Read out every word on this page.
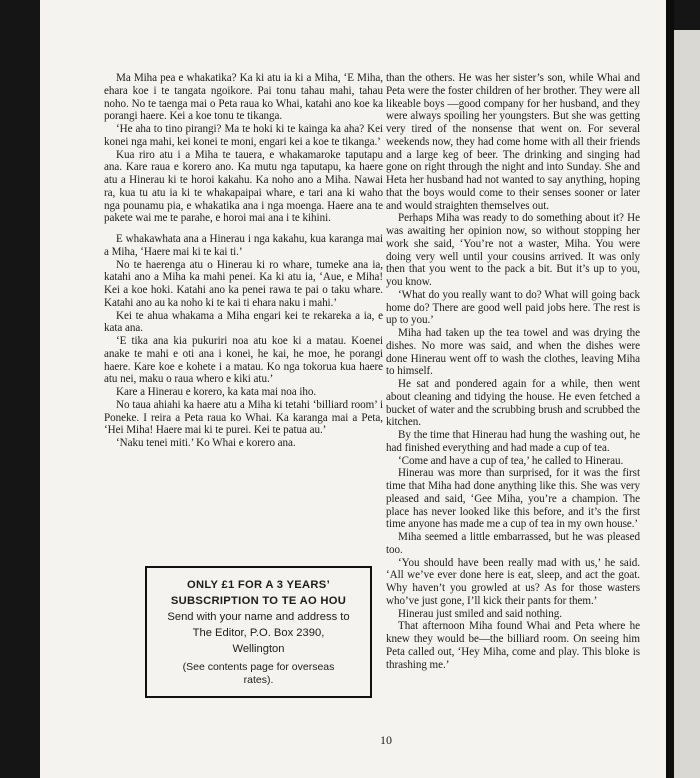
Ma Miha pea e whakatika? Ka ki atu ia ki a Miha, ‘E Miha, ehara koe i te tangata ngoikore. Pai tonu tahau mahi, tahau noho. No te taenga mai o Peta raua ko Whai, katahi ano koe ka porangi haere. Kei a koe tonu te tikanga.

‘He aha to tino pirangi? Ma te hoki ki te kainga ka aha? Kei konei nga mahi, kei konei te moni, engari kei a koe te tikanga.’

Kua riro atu i a Miha te tauera, e whakamaroke taputapu ana. Kare raua e korero ano. Ka mutu nga taputapu, ka haere atu a Hinerau ki te horoi kakahu. Ka noho ano a Miha. Nawai ra, kua tu atu ia ki te whakapaipai whare, e tari ana ki waho nga pounamu pia, e whakatika ana i nga moenga. Haere ana te pakete wai me te parahe, e horoi mai ana i te kihini.

E whakawhata ana a Hinerau i nga kakahu, kua karanga mai a Miha, ‘Haere mai ki te kai ti.’

No te haerenga atu o Hinerau ki ro whare, tumeke ana ia, katahi ano a Miha ka mahi penei. Ka ki atu ia, ‘Aue, e Miha! Kei a koe hoki. Katahi ano ka penei rawa te pai o taku whare. Katahi ano au ka noho ki te kai ti ehara naku i mahi.’

Kei te ahua whakama a Miha engari kei te rekareka a ia, e kata ana.

‘E tika ana kia pukuriri noa atu koe ki a matau. Koenei anake te mahi e oti ana i konei, he kai, he moe, he porangi haere. Kare koe e kohete i a matau. Ko nga tokorua kua haere atu nei, maku o raua whero e kiki atu.’

Kare a Hinerau e korero, ka kata mai noa iho.

No taua ahiahi ka haere atu a Miha ki tetahi ‘billiard room’ i Poneke. I reira a Peta raua ko Whai. Ka karanga mai a Peta, ‘Hei Miha! Haere mai ki te purei. Kei te patua au.’

‘Naku tenei miti.’ Ko Whai e korero ana.

than the others. He was her sister’s son, while Whai and Peta were the foster children of her brother. They were all likeable boys —good company for her husband, and they were always spoiling her youngsters. But she was getting very tired of the nonsense that went on. For several weekends now, they had come home with all their friends and a large keg of beer. The drinking and singing had gone on right through the night and into Sunday. She and Heta her husband had not wanted to say anything, hoping that the boys would come to their senses sooner or later and would straighten themselves out.

Perhaps Miha was ready to do something about it? He was awaiting her opinion now, so without stopping her work she said, ‘You’re not a waster, Miha. You were doing very well until your cousins arrived. It was only then that you went to the pack a bit. But it’s up to you, you know.

‘What do you really want to do? What will going back home do? There are good well paid jobs here. The rest is up to you.’

Miha had taken up the tea towel and was drying the dishes. No more was said, and when the dishes were done Hinerau went off to wash the clothes, leaving Miha to himself.

He sat and pondered again for a while, then went about cleaning and tidying the house. He even fetched a bucket of water and the scrubbing brush and scrubbed the kitchen.

By the time that Hinerau had hung the washing out, he had finished everything and had made a cup of tea.

‘Come and have a cup of tea,’ he called to Hinerau.

Hinerau was more than surprised, for it was the first time that Miha had done anything like this. She was very pleased and said, ‘Gee Miha, you’re a champion. The place has never looked like this before, and it’s the first time anyone has made me a cup of tea in my own house.’

Miha seemed a little embarrassed, but he was pleased too.

‘You should have been really mad with us,’ he said. ‘All we’ve ever done here is eat, sleep, and act the goat. Why haven’t you growled at us? As for those wasters who’ve just gone, I’ll kick their pants for them.’

Hinerau just smiled and said nothing.

That afternoon Miha found Whai and Peta where he knew they would be—the billiard room. On seeing him Peta called out, ‘Hey Miha, come and play. This bloke is thrashing me.’

ONLY £1 FOR A 3 YEARS’
SUBSCRIPTION TO TE AO HOU
Send with your name and address to
The Editor, P.O. Box 2390,
Wellington
(See contents page for overseas
rates).
10
